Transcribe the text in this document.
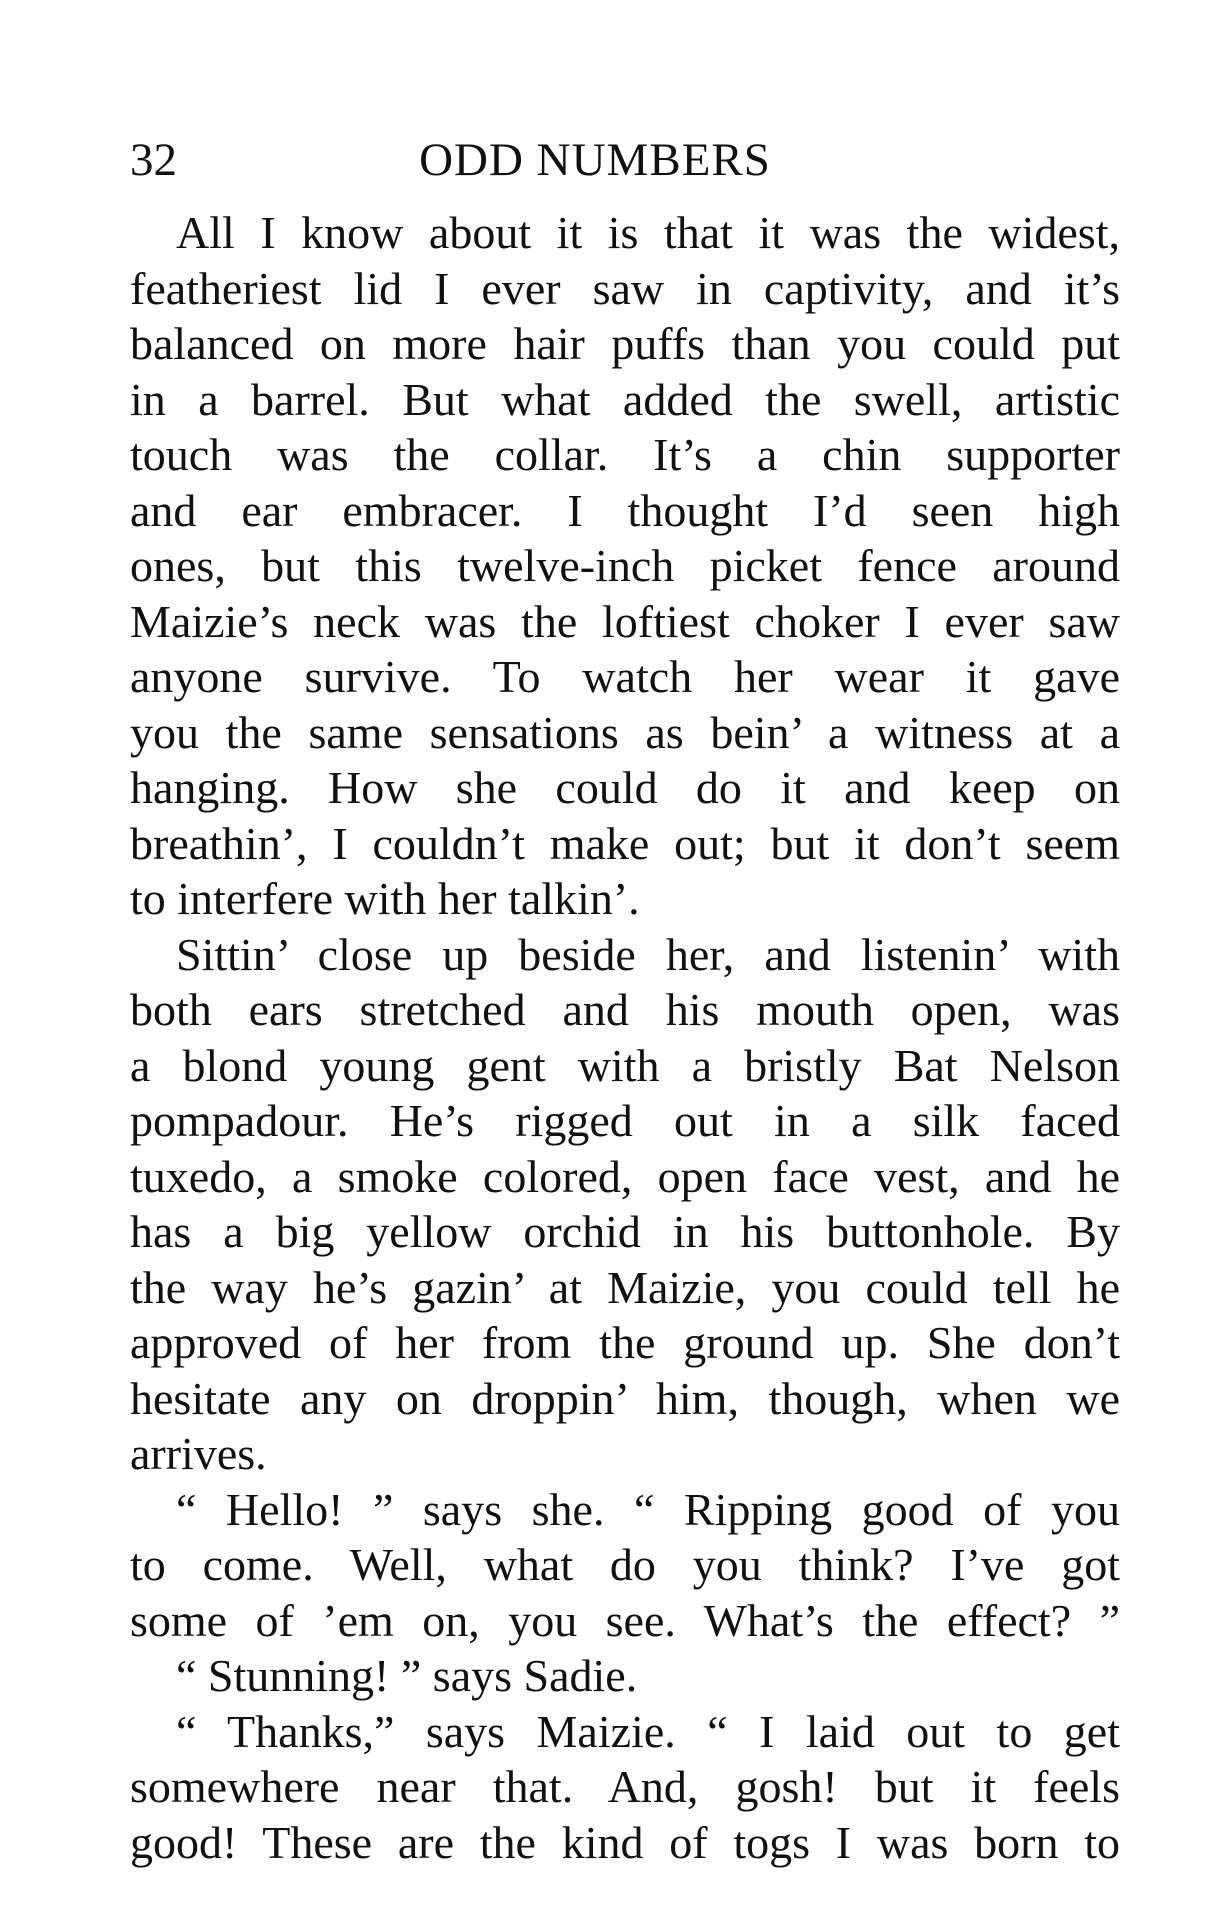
32	ODD NUMBERS
All I know about it is that it was the widest,
featheriest lid I ever saw in captivity, and it’s
balanced on more hair puffs than you could put
in a barrel. But what added the swell, artistic
touch was the collar. It’s a chin supporter
and ear embracer. I thought I’d seen high
ones, but this twelve-inch picket fence around
Maizie’s neck was the loftiest choker I ever saw
anyone survive. To watch her wear it gave
you the same sensations as bein’ a witness at a
hanging. How she could do it and keep on
breathin’, I couldn’t make out; but it don’t seem
to interfere with her talkin’.
Sittin’ close up beside her, and listenin’ with
both ears stretched and his mouth open, was
a blond young gent with a bristly Bat Nelson
pompadour. He’s rigged out in a silk faced
tuxedo, a smoke colored, open face vest, and he
has a big yellow orchid in his buttonhole. By
the way he’s gazin’ at Maizie, you could tell he
approved of her from the ground up. She don’t
hesitate any on droppin’ him, though, when we
arrives.
“ Hello! ” says she. “ Ripping good of you
to come. Well, what do you think? I’ve got
some of ’em on, you see. What’s the effect? ”
“ Stunning! ” says Sadie.
“ Thanks,” says Maizie. “ I laid out to get
somewhere near that. And, gosh! but it feels
good! These are the kind of togs I was born to
